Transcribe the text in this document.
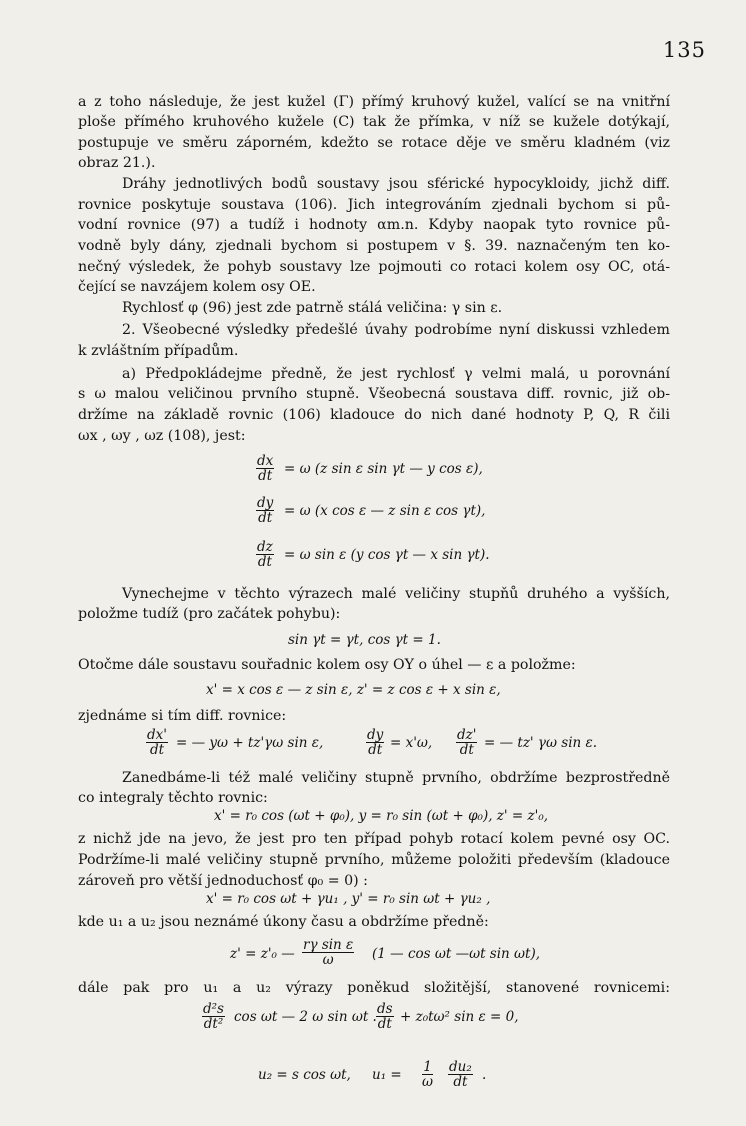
135
a z toho následuje, že jest kužel (Γ) přímý kruhový kužel, valící se na vnitřní
ploše přímého kruhového kužele (C) tak že přímka, v níž se kužele dotýkají,
postupuje ve směru záporném, kdežto se rotace děje ve směru kladném (viz
obraz 21.).
Dráhy jednotlivých bodů soustavy jsou sférické hypocykloidy, jichž diff.
rovnice poskytuje soustava (106). Jich integrováním zjednali bychom si pů-
vodní rovnice (97) a tudíž i hodnoty αm.n. Kdyby naopak tyto rovnice pů-
vodně byly dány, zjednali bychom si postupem v §. 39. naznačeným ten ko-
nečný výsledek, že pohyb soustavy lze pojmouti co rotaci kolem osy OC, otá-
čející se navzájem kolem osy OE.
Rychlosť φ (96) jest zde patrně stálá veličina: γ sin ε.
2. Všeobecné výsledky předešlé úvahy podrobíme nyní diskussi vzhledem
k zvláštním případům.
a) Předpokládejme předně, že jest rychlosť γ velmi malá, u porovnání
s ω malou veličinou prvního stupně. Všeobecná soustava diff. rovnic, již ob-
držíme na základě rovnic (106) kladouce do nich dané hodnoty P, Q, R čili
ωx , ωy , ωz (108), jest:
dx
dt = ω (z sin ε sin γt — y cos ε),
dy
dt = ω (x cos ε — z sin ε cos γt),
dz
dt = ω sin ε (y cos γt — x sin γt).
Vynechejme v těchto výrazech malé veličiny stupňů druhého a vyšších,
položme tudíž (pro začátek pohybu):
sin γt = γt, cos γt = 1.
Otočme dále soustavu souřadnic kolem osy OY o úhel — ε a položme:
x' = x cos ε — z sin ε, z' = z cos ε + x sin ε,
zjednáme si tím diff. rovnice:
dx'
dt = — yω + tz'γω sin ε,	dy
dt = x'ω, dz'
dt = — tz' γω sin ε.
Zanedbáme-li též malé veličiny stupně prvního, obdržíme bezprostředně
co integraly těchto rovnic:
x' = r₀ cos (ωt + φ₀), y = r₀ sin (ωt + φ₀), z' = z'₀,
z nichž jde na jevo, že jest pro ten případ pohyb rotací kolem pevné osy OC.
Podržíme-li malé veličiny stupně prvního, můžeme položiti především (kladouce
zároveň pro větší jednoduchosť φ₀ = 0) :
x' = r₀ cos ωt + γu₁ , y' = r₀ sin ωt + γu₂ ,
kde u₁ a u₂ jsou neznámé úkony času a obdržíme předně:
z' = z'₀ —
rγ sin ε
ω	(1 — cos ωt —ωt sin ωt),
dále pak pro u₁ a u₂ výrazy poněkud složitější, stanovené rovnicemi:
d²s
dt² cos ωt — 2 ω sin ωt . ds
dt + z₀tω² sin ε = 0,
u₂ = s cos ωt, u₁ = 1
ω
du₂
dt	.
